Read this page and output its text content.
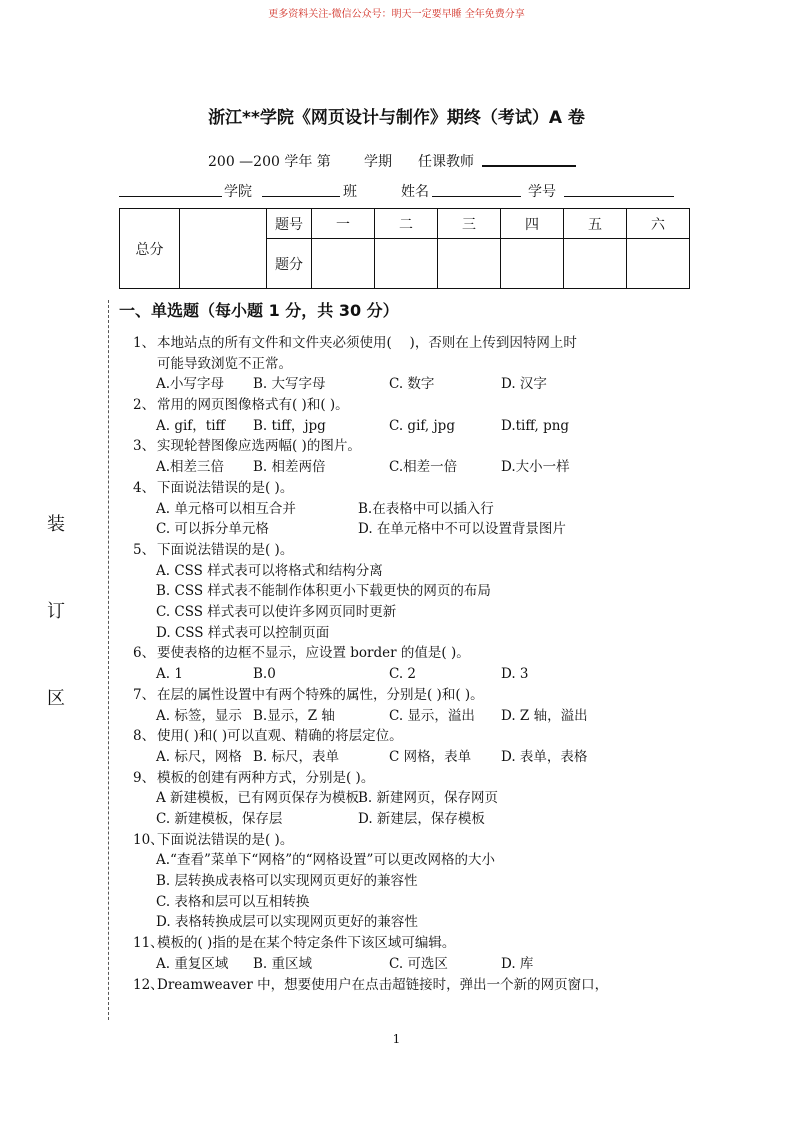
更多资料关注-微信公众号：明天一定要早睡 全年免费分享
浙江**学院《网页设计与制作》期终（考试）A 卷
200 —200 学年 第 学期 任课教师
学院	班	姓名	学号
总分		题号	一	二	三	四	五	六
		题分						
装
订
区
一、单选题（每小题 1 分，共 30 分）
1、 本地站点的所有文件和文件夹必须使用(　 )，否则在上传到因特网上时
可能导致浏览不正常。
A.小写字母 B. 大写字母	C. 数字	D. 汉字
2、 常用的网页图像格式有( )和( )。
A. gif，tiff B. tiff，jpg	C. gif, jpg	D.tiff, png
3、 实现轮替图像应选两幅( )的图片。
A.相差三倍 B. 相差两倍	C.相差一倍	D.大小一样
4、 下面说法错误的是( )。
A. 单元格可以相互合并	B.在表格中可以插入行
C. 可以拆分单元格	D. 在单元格中不可以设置背景图片
5、 下面说法错误的是( )。
A. CSS 样式表可以将格式和结构分离
B. CSS 样式表不能制作体积更小下载更快的网页的布局
C. CSS 样式表可以使许多网页同时更新
D. CSS 样式表可以控制页面
6、 要使表格的边框不显示，应设置 border 的值是( )。
A. 1	B.0	C. 2	D. 3
7、 在层的属性设置中有两个特殊的属性，分别是( )和( )。
A. 标签，显示 B.显示，Z 轴	C. 显示，溢出 D. Z 轴，溢出
8、 使用( )和( )可以直观、精确的将层定位。
A. 标尺，网格 B. 标尺，表单	C 网格，表单 D. 表单，表格
9、 模板的创建有两种方式，分别是( )。
A 新建模板，已有网页保存为模板
B. 新建网页，保存网页
C. 新建模板，保存层	D. 新建层，保存模板
10、
下面说法错误的是( )。
A.“查看”菜单下“网格”的“网格设置”可以更改网格的大小
B. 层转换成表格可以实现网页更好的兼容性
C. 表格和层可以互相转换
D. 表格转换成层可以实现网页更好的兼容性
11、
模板的( )指的是在某个特定条件下该区域可编辑。
A. 重复区域 B. 重区域	C. 可选区	D. 库
12、
Dreamweaver 中，想要使用户在点击超链接时，弹出一个新的网页窗口，
1
